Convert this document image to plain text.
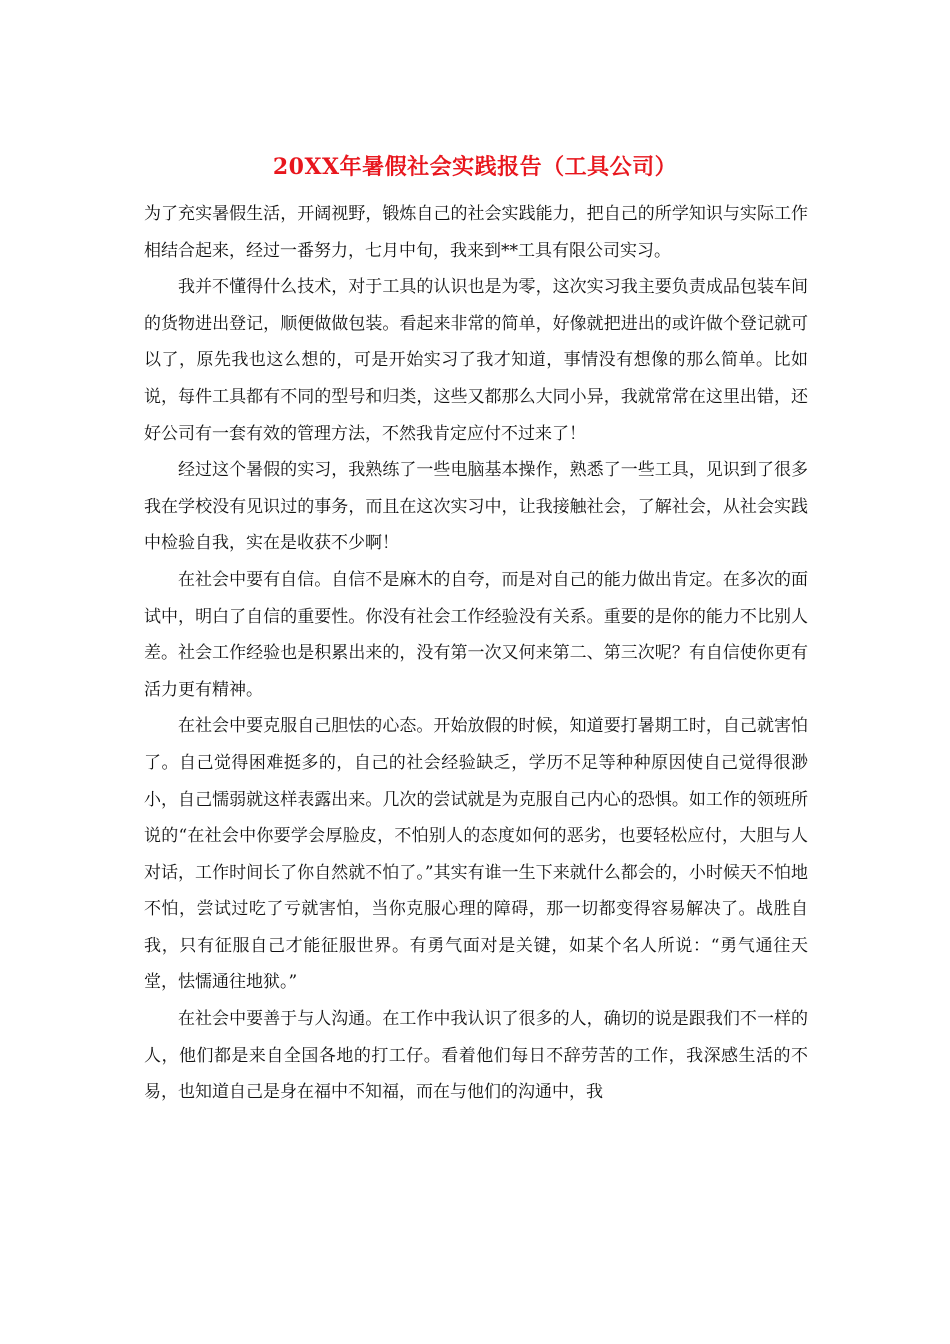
20XX年暑假社会实践报告（工具公司）

为了充实暑假生活，开阔视野，锻炼自己的社会实践能力，把自己的所学知识与实际工作相结合起来，经过一番努力，七月中旬，我来到**工具有限公司实习。

我并不懂得什么技术，对于工具的认识也是为零，这次实习我主要负责成品包装车间的货物进出登记，顺便做做包装。看起来非常的简单，好像就把进出的或许做个登记就可以了，原先我也这么想的，可是开始实习了我才知道，事情没有想像的那么简单。比如说，每件工具都有不同的型号和归类，这些又都那么大同小异，我就常常在这里出错，还好公司有一套有效的管理方法，不然我肯定应付不过来了！

经过这个暑假的实习，我熟练了一些电脑基本操作，熟悉了一些工具，见识到了很多我在学校没有见识过的事务，而且在这次实习中，让我接触社会，了解社会，从社会实践中检验自我，实在是收获不少啊！

在社会中要有自信。自信不是麻木的自夸，而是对自己的能力做出肯定。在多次的面试中，明白了自信的重要性。你没有社会工作经验没有关系。重要的是你的能力不比别人差。社会工作经验也是积累出来的，没有第一次又何来第二、第三次呢？有自信使你更有活力更有精神。

在社会中要克服自己胆怯的心态。开始放假的时候，知道要打暑期工时，自己就害怕了。自己觉得困难挺多的，自己的社会经验缺乏，学历不足等种种原因使自己觉得很渺小，自己懦弱就这样表露出来。几次的尝试就是为克服自己内心的恐惧。如工作的领班所说的“在社会中你要学会厚脸皮，不怕别人的态度如何的恶劣，也要轻松应付，大胆与人对话，工作时间长了你自然就不怕了。”其实有谁一生下来就什么都会的，小时候天不怕地不怕，尝试过吃了亏就害怕，当你克服心理的障碍，那一切都变得容易解决了。战胜自我，只有征服自己才能征服世界。有勇气面对是关键，如某个名人所说：“勇气通往天堂，怯懦通往地狱。”

在社会中要善于与人沟通。在工作中我认识了很多的人，确切的说是跟我们不一样的人，他们都是来自全国各地的打工仔。看着他们每日不辞劳苦的工作，我深感生活的不易，也知道自己是身在福中不知福，而在与他们的沟通中，我
